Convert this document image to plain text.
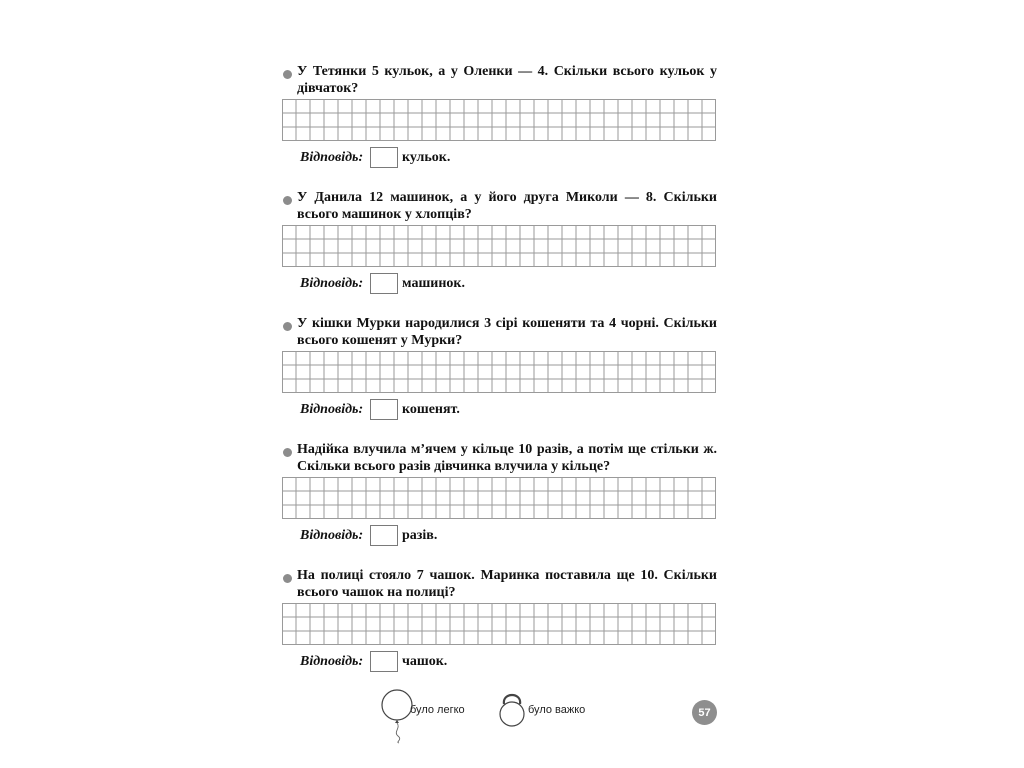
У Тетянки 5 кульок, а у Оленки — 4. Скільки всього кульок у дівчаток?

Відповідь:	кульок.

У Данила 12 машинок, а у його друга Миколи — 8. Скільки всього машинок у хлопців?

Відповідь:	машинок.

У кішки Мурки народилися 3 сірі кошеняти та 4 чорні. Скільки всього кошенят у Мурки?

Відповідь:	кошенят.

Надійка влучила м’ячем у кільце 10 разів, а потім ще стільки ж. Скільки всього разів дівчинка влучила у кільце?

Відповідь:	разів.

На полиці стояло 7 чашок. Маринка поставила ще 10. Скільки всього чашок на полиці?

Відповідь:	чашок.
було легко	було важко	57
